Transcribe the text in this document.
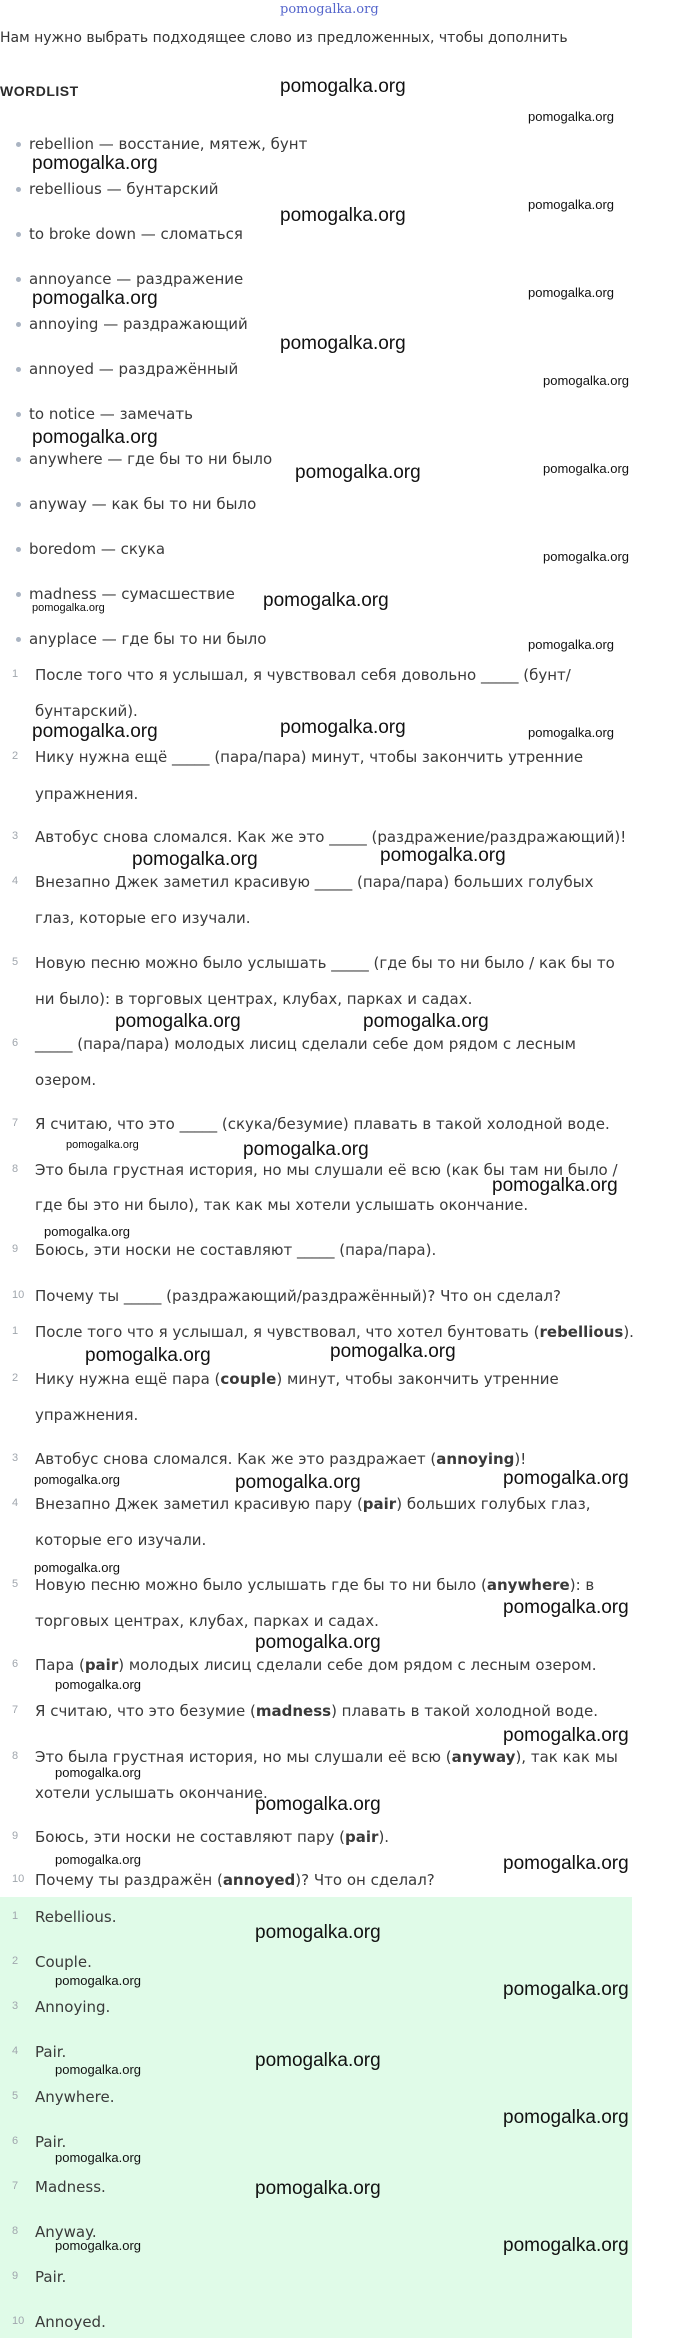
pomogalka.org
Нам нужно выбрать подходящее слово из предложенных, чтобы дополнить
WORDLIST
rebellion — восстание, мятеж, бунт
rebellious — бунтарский
to broke down — сломаться
annoyance — раздражение
annoying — раздражающий
annoyed — раздражённый
to notice — замечать
anywhere — где бы то ни было
anyway — как бы то ни было
boredom — скука
madness — сумасшествие
anyplace — где бы то ни было
1 После того что я услышал, я чувствовал себя довольно _____ (бунт/
бунтарский).
2 Нику нужна ещё _____ (пара/пара) минут, чтобы закончить утренние
упражнения.
3 Автобус снова сломался. Как же это _____ (раздражение/раздражающий)!
4 Внезапно Джек заметил красивую _____ (пара/пара) больших голубых
глаз, которые его изучали.
5 Новую песню можно было услышать _____ (где бы то ни было / как бы то
ни было): в торговых центрах, клубах, парках и садах.
6 _____ (пара/пара) молодых лисиц сделали себе дом рядом с лесным
озером.
7 Я считаю, что это _____ (скука/безумие) плавать в такой холодной воде.
8 Это была грустная история, но мы слушали её всю (как бы там ни было /
где бы это ни было), так как мы хотели услышать окончание.
9 Боюсь, эти носки не составляют _____ (пара/пара).
10 Почему ты _____ (раздражающий/раздражённый)? Что он сделал?
1 После того что я услышал, я чувствовал, что хотел бунтовать (rebellious).
2 Нику нужна ещё пара (couple) минут, чтобы закончить утренние
упражнения.
3 Автобус снова сломался. Как же это раздражает (annoying)!
4 Внезапно Джек заметил красивую пару (pair) больших голубых глаз,
которые его изучали.
5 Новую песню можно было услышать где бы то ни было (anywhere): в
торговых центрах, клубах, парках и садах.
6 Пара (pair) молодых лисиц сделали себе дом рядом с лесным озером.
7 Я считаю, что это безумие (madness) плавать в такой холодной воде.
8 Это была грустная история, но мы слушали её всю (anyway), так как мы
хотели услышать окончание.
9 Боюсь, эти носки не составляют пару (pair).
10 Почему ты раздражён (annoyed)? Что он сделал?
1 Rebellious.
2 Couple.
3 Annoying.
4 Pair.
5 Anywhere.
6 Pair.
7 Madness.
8 Anyway.
9 Pair.
10 Annoyed.
pomogalka.org
pomogalka.org
pomogalka.org
pomogalka.org
pomogalka.org
pomogalka.org	pomogalka.org
pomogalka.org
pomogalka.org
pomogalka.org
pomogalka.org	pomogalka.org
pomogalka.org
pomogalka.org
pomogalka.org
pomogalka.org
pomogalka.org	pomogalka.org	pomogalka.org
pomogalka.org	pomogalka.org
pomogalka.org	pomogalka.org
pomogalka.org	pomogalka.org
pomogalka.org
pomogalka.org
pomogalka.org	pomogalka.org
pomogalka.org	pomogalka.org	pomogalka.org
pomogalka.org
pomogalka.org
pomogalka.org
pomogalka.org
pomogalka.org
pomogalka.org
pomogalka.org
pomogalka.org	pomogalka.org
pomogalka.org
pomogalka.org	pomogalka.org
pomogalka.org
pomogalka.org
pomogalka.org
pomogalka.org
pomogalka.org
pomogalka.org	pomogalka.org
